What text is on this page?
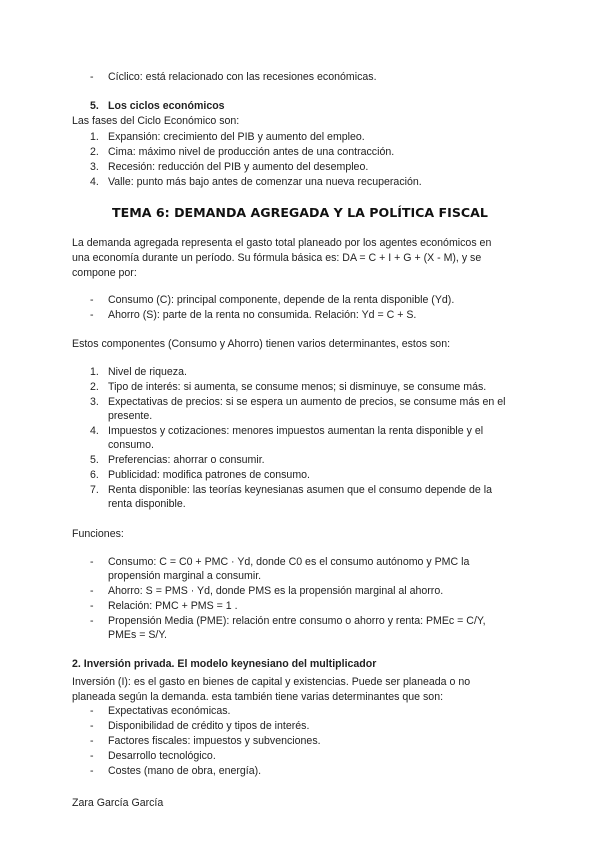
- Cíclico: está relacionado con las recesiones económicas.
5. Los ciclos económicos
Las fases del Ciclo Económico son:
1. Expansión: crecimiento del PIB y aumento del empleo.
2. Cima: máximo nivel de producción antes de una contracción.
3. Recesión: reducción del PIB y aumento del desempleo.
4. Valle: punto más bajo antes de comenzar una nueva recuperación.
TEMA 6: DEMANDA AGREGADA Y LA POLÍTICA FISCAL
La demanda agregada representa el gasto total planeado por los agentes económicos en
una economía durante un período. Su fórmula básica es: DA = C + I + G + (X - M), y se
compone por:
- Consumo (C): principal componente, depende de la renta disponible (Yd).
- Ahorro (S): parte de la renta no consumida. Relación: Yd = C + S.
Estos componentes (Consumo y Ahorro) tienen varios determinantes, estos son:
1. Nivel de riqueza.
2. Tipo de interés: si aumenta, se consume menos; si disminuye, se consume más.
3. Expectativas de precios: si se espera un aumento de precios, se consume más en el
presente.
4. Impuestos y cotizaciones: menores impuestos aumentan la renta disponible y el
consumo.
5. Preferencias: ahorrar o consumir.
6. Publicidad: modifica patrones de consumo.
7. Renta disponible: las teorías keynesianas asumen que el consumo depende de la
renta disponible.
Funciones:
- Consumo: C = C0 + PMC · Yd, donde C0 es el consumo autónomo y PMC la
propensión marginal a consumir.
- Ahorro: S = PMS · Yd, donde PMS es la propensión marginal al ahorro.
- Relación: PMC + PMS = 1 .
- Propensión Media (PME): relación entre consumo o ahorro y renta: PMEc = C/Y,
PMEs = S/Y.
2. Inversión privada. El modelo keynesiano del multiplicador
Inversión (I): es el gasto en bienes de capital y existencias. Puede ser planeada o no
planeada según la demanda. esta también tiene varias determinantes que son:
- Expectativas económicas.
- Disponibilidad de crédito y tipos de interés.
- Factores fiscales: impuestos y subvenciones.
- Desarrollo tecnológico.
- Costes (mano de obra, energía).
Zara García García
